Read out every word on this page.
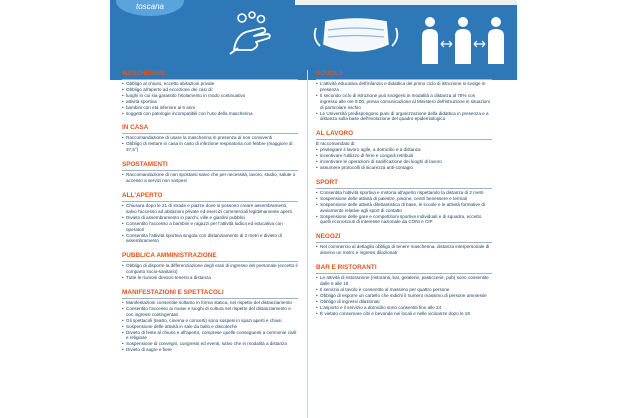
toscana
MASCHERINE
• Obbligo al chiuso, eccetto abitazioni private
• Obbligo all'aperto ad eccezione dei casi di:
• luoghi in cui sia garantito l'isolamento in modo continuativo
• attività sportiva
• bambini con età inferiore ai 6 anni
• soggetti con patologie incompatibili con l'uso della mascherina
IN CASA
• Raccomandazione di usare la mascherina in presenza di non conviventi
• Obbligo di restare in casa in caso di infezione respiratoria con febbre (maggiore di 37,5°)
SPOSTAMENTI
• Raccomandazione di non spostarsi salvo che per necessità, lavoro, studio, salute o accesso a servizi non sospesi
ALL'APERTO
• Chiusura dopo le 21 di strade e piazze dove si possono creare assembramenti, salvo l'accesso ad abitazioni private ed esercizi commerciali legittimamente aperti
• Divieto di assembramento in parchi, ville e giardini pubblici
• Consentito l'accesso a bambini e ragazzi per l'attività ludica ed educativa con operatori
• Consentita l'attività sportiva singola con distanziamento di 2 metri e divieto di assembramento
PUBBLICA AMMINISTRAZIONE
• Obbligo di disporre la differenziazione degli orari di ingresso del personale (eccetto il comparto socio-sanitario)
• Tutte le riunioni devono tenersi a distanza
MANIFESTAZIONI E SPETTACOLI
• Manifestazioni consentite soltanto in forma statica, nel rispetto del distanziamento
• Consentito l'accesso ai musei e luoghi di cultura nel rispetto del distanziamento e con ingressi contingentati
• Gli spettacoli (teatro, cinema e concerti) sono sospesi in spazi aperti e chiusi
• Sospensione delle attività in sale da ballo e discoteche
• Divieto di feste al chiuso e all'aperto, comprese quelle conseguenti a cerimonie civili e religiose
• Sospensione di convegni, congressi ed eventi, salvo che in modalità a distanza
• Divieto di sagre e fiere
SCUOLA
• L'attività educativa dell'infanzia e didattica del primo ciclo di istruzione si svolge in presenza
• Il secondo ciclo di istruzione può svolgersi in modalità a distanza al 75% con ingresso alle ore 9:00, previa comunicazione al Ministero dell'istruzione in situazioni di particolare rischio
• Le Università predispongono piani di organizzazione della didattica in presenza e a distanza sulla base dell'evoluzione del quadro epidemiologico
AL LAVORO

È raccomandato di:

• privilegiare il lavoro agile, a domicilio e a distanza
• incentivare l'utilizzo di ferie e congedi retribuiti
• incentivare le operazioni di sanificazione dei luoghi di lavoro
• assumere protocolli di sicurezza anti-contagio
SPORT
• Consentita l'attività sportiva e motoria all'aperto rispettando la distanza di 2 metri
• Sospensione delle attività di palestre, piscine, centri benessere e termali
• Sospensione delle attività dilettantistica di base, le scuole e le attività formative di avviamento relative agli sport di contatto
• Sospensione delle gare e competizioni sportive individuali e di squadra, eccetto quelli riconosciuti di interesse nazionale da CONI e CIP
NEGOZI
• Nel commercio al dettaglio obbligo di tenere mascherina, distanza interpersonale di almeno un metro e ingressi dilazionati
BAR E RISTORANTI
• Le attività di ristorazione (ristoranti, bar, gelaterie, pasticcerie, pub) sono consentite dalle 5 alle 18
• Il servizio al tavolo è consentito al massimo per quattro persone
• Obbligo di esporre un cartello che indichi il numero massimo di persone ammesse
• Obbligo di ingressi dilazionati
• L'asporto e il servizio a domicilio sono consentiti fino alle 24
• È vietato consumare cibi e bevande nei locali e nelle vicinanze dopo le 18
